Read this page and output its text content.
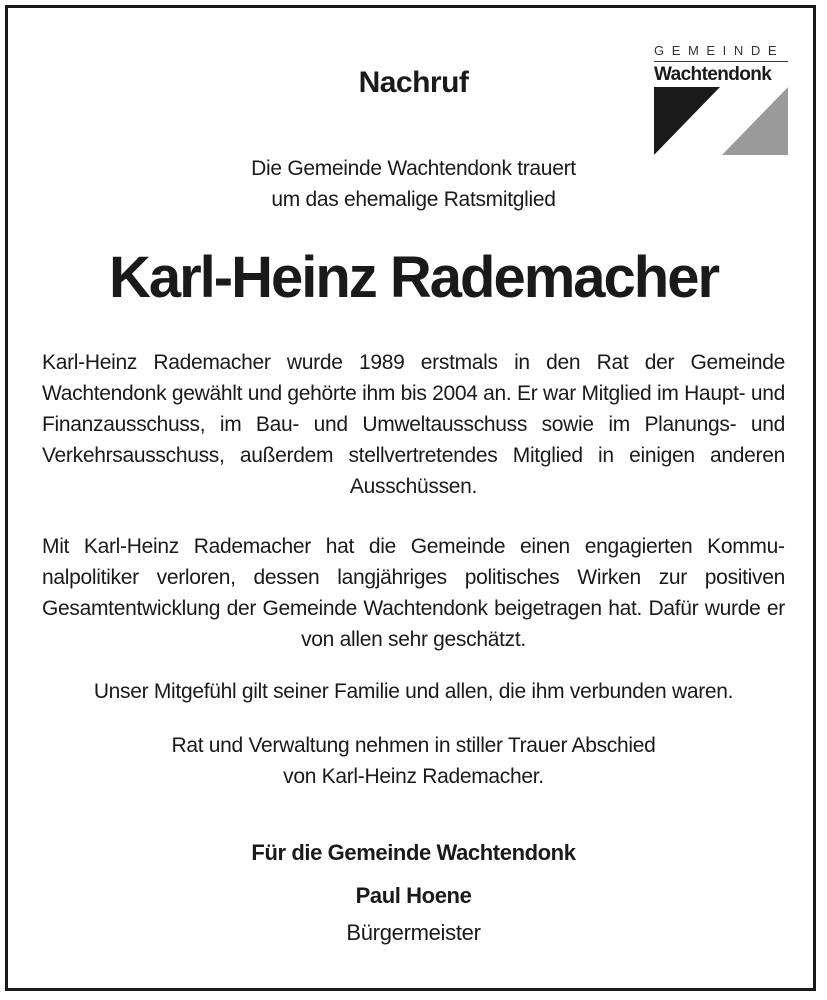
GEMEINDE
Wachtendonk
Nachruf
Die Gemeinde Wachtendonk trauert
um das ehemalige Ratsmitglied
Karl-Heinz Rademacher

Karl-Heinz Rademacher wurde 1989 erstmals in den Rat der Gemeinde Wachtendonk gewählt und gehörte ihm bis 2004 an. Er war Mitglied im Haupt- und Finanzausschuss, im Bau- und Umweltausschuss sowie im Planungs- und Verkehrsausschuss, außerdem stellvertretendes Mitglied in einigen anderen Ausschüssen.

Mit Karl-Heinz Rademacher hat die Gemeinde einen engagierten Kommunalpolitiker verloren, dessen langjähriges politisches Wirken zur positiven Gesamtentwicklung der Gemeinde Wachtendonk beigetragen hat. Dafür wurde er von allen sehr geschätzt.

Unser Mitgefühl gilt seiner Familie und allen, die ihm verbunden waren.

Rat und Verwaltung nehmen in stiller Trauer Abschied
von Karl-Heinz Rademacher.
Für die Gemeinde Wachtendonk
Paul Hoene
Bürgermeister
